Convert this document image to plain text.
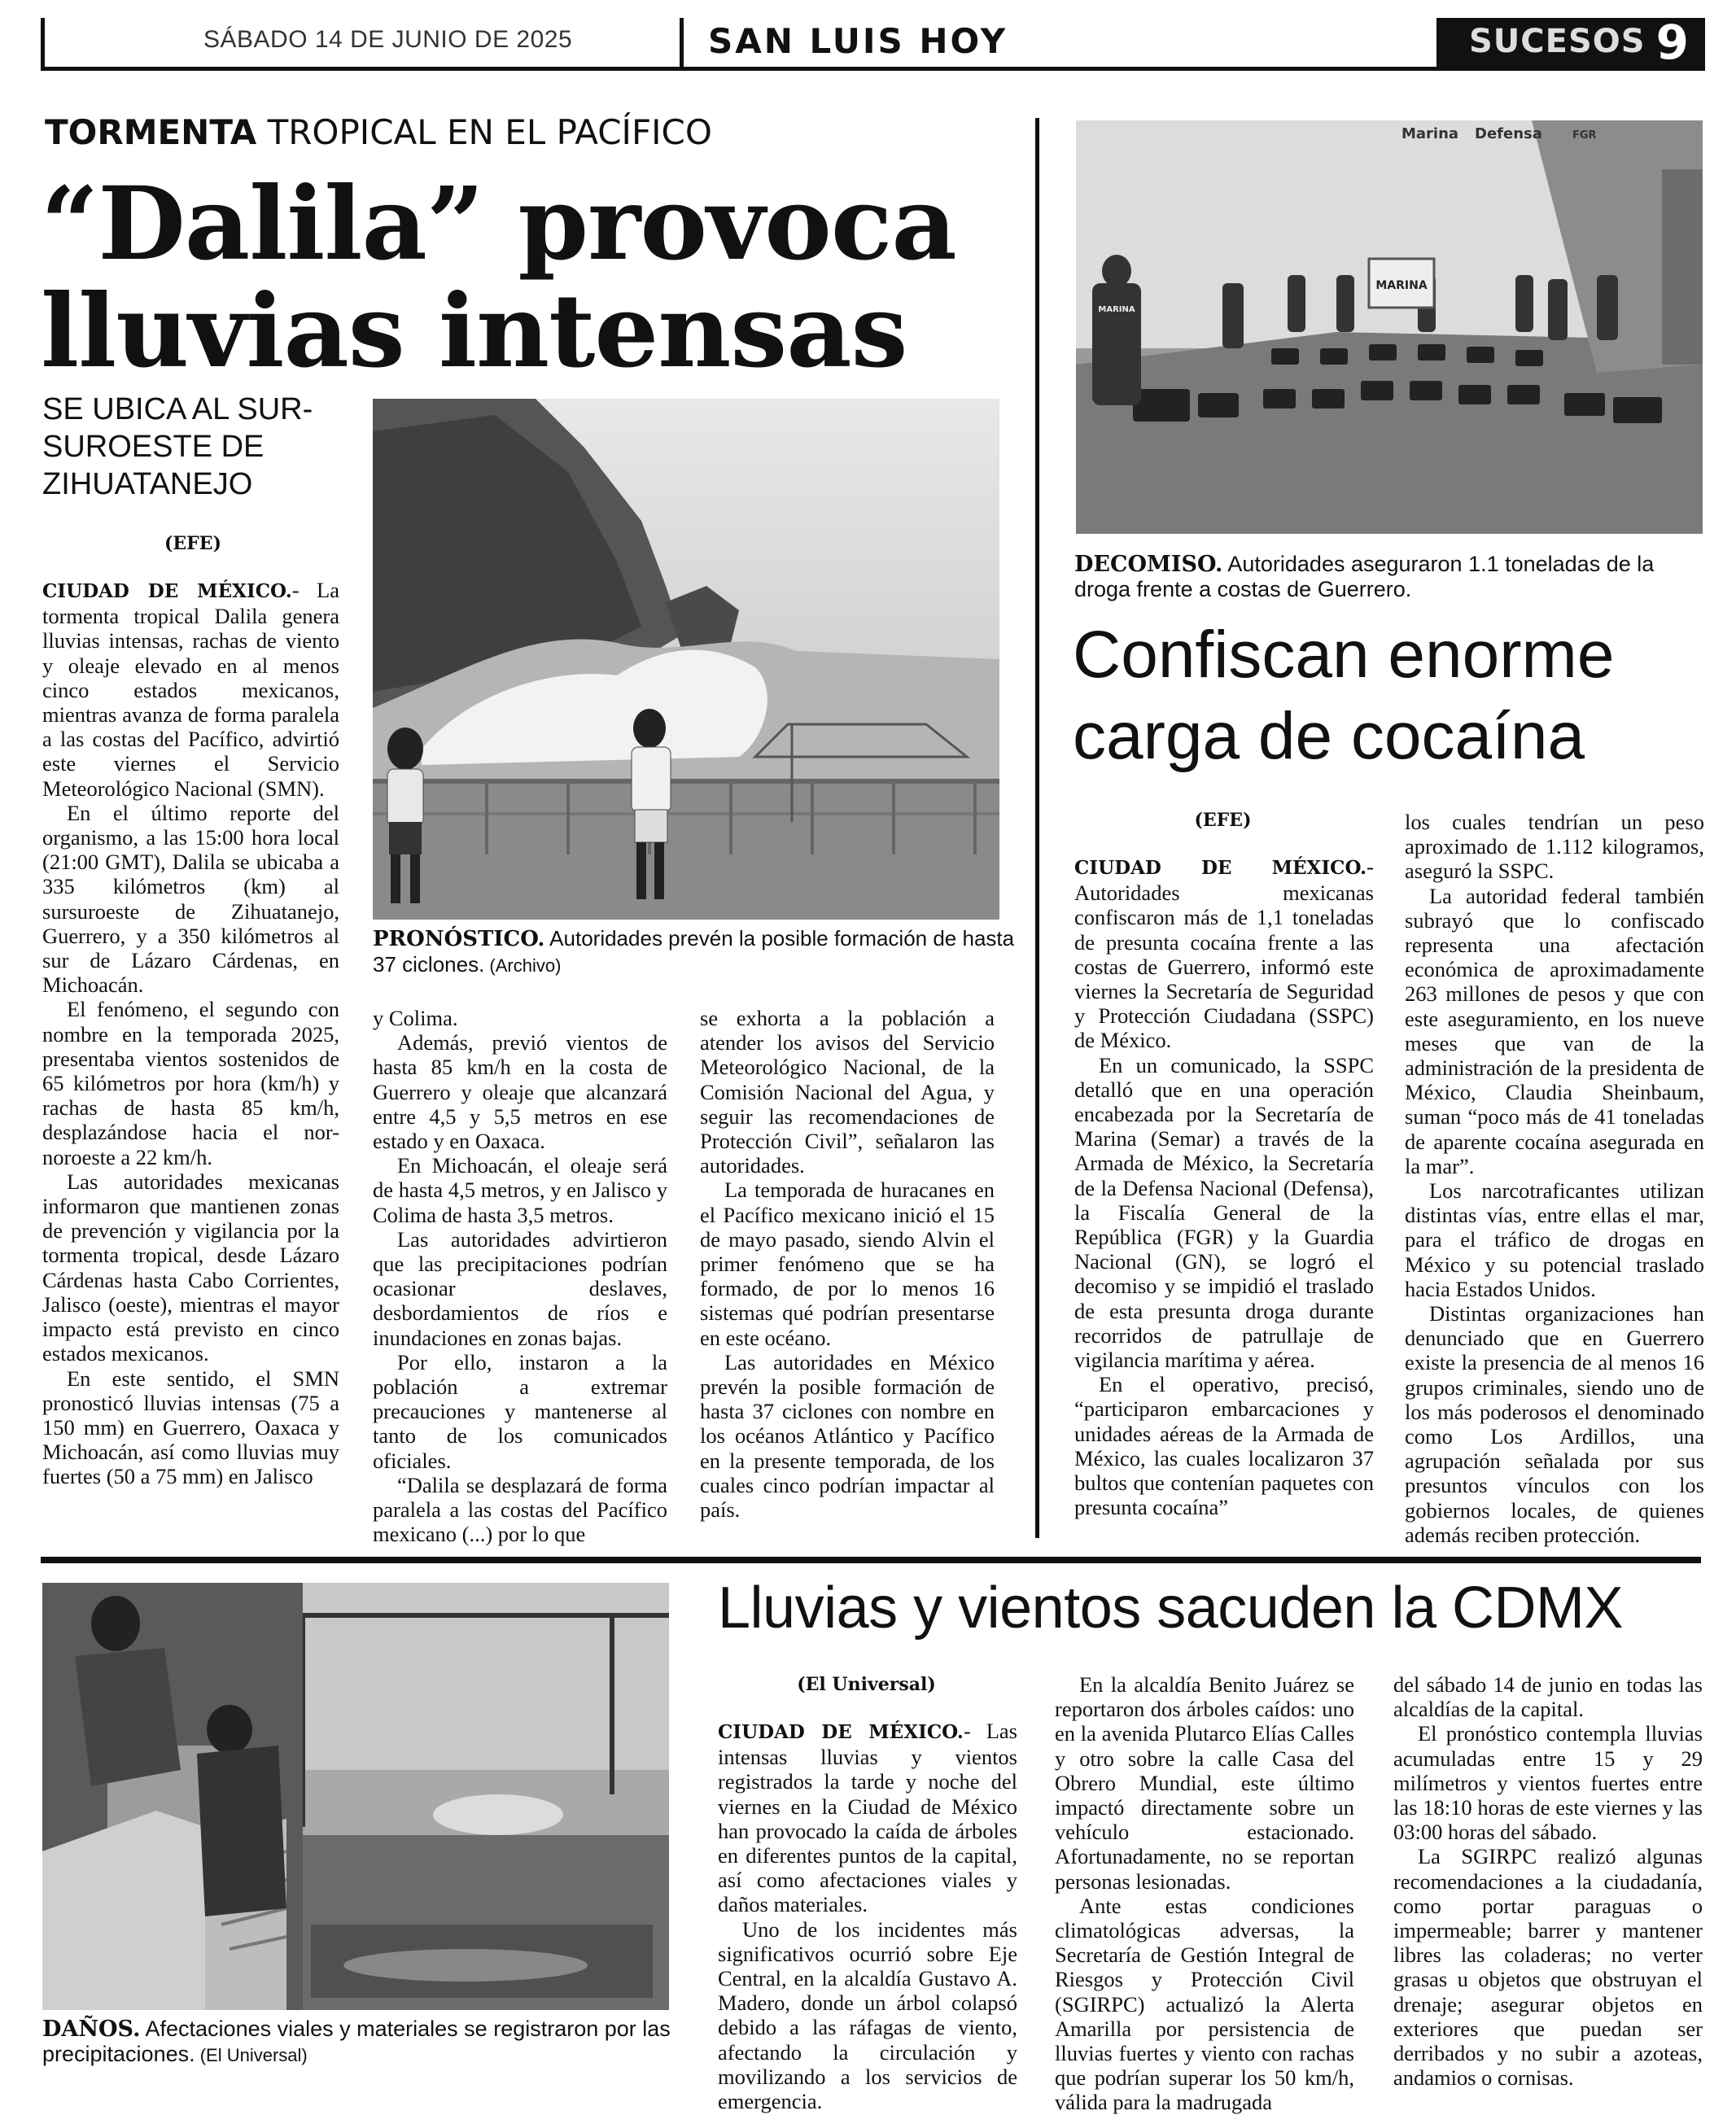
SÁBADO 14 DE JUNIO DE 2025	SAN LUIS HOY	SUCESOS 9
TORMENTA TROPICAL EN EL PACÍFICO
“Dalila” provoca
lluvias intensas
SE UBICA AL SUR-SUROESTE DE ZIHUATANEJO
(EFE)

CIUDAD DE MÉXICO.- La tormenta tropical Dalila genera lluvias intensas, rachas de viento y oleaje elevado en al menos cinco estados mexicanos, mientras avanza de forma paralela a las costas del Pacífico, advirtió este viernes el Servicio Meteorológico Nacional (SMN).

En el último reporte del organismo, a las 15:00 hora local (21:00 GMT), Dalila se ubicaba a 335 kilómetros (km) al sursuroeste de Zihuatanejo, Guerrero, y a 350 kilómetros al sur de Lázaro Cárdenas, en Michoacán.

El fenómeno, el segundo con nombre en la temporada 2025, presentaba vientos sostenidos de 65 kilómetros por hora (km/h) y rachas de hasta 85 km/h, desplazándose hacia el nor-noroeste a 22 km/h.

Las autoridades mexicanas informaron que mantienen zonas de prevención y vigilancia por la tormenta tropical, desde Lázaro Cárdenas hasta Cabo Corrientes, Jalisco (oeste), mientras el mayor impacto está previsto en cinco estados mexicanos.

En este sentido, el SMN pronosticó lluvias intensas (75 a 150 mm) en Guerrero, Oaxaca y Michoacán, así como lluvias muy fuertes (50 a 75 mm) en Jalisco

PRONÓSTICO. Autoridades prevén la posible formación de hasta 37 ciclones. (Archivo)

y Colima.

Además, previó vientos de hasta 85 km/h en la costa de Guerrero y oleaje que alcanzará entre 4,5 y 5,5 metros en ese estado y en Oaxaca.

En Michoacán, el oleaje será de hasta 4,5 metros, y en Jalisco y Colima de hasta 3,5 metros.

Las autoridades advirtieron que las precipitaciones podrían ocasionar deslaves, desbordamientos de ríos e inundaciones en zonas bajas.

Por ello, instaron a la población a extremar precauciones y mantenerse al tanto de los comunicados oficiales.

“Dalila se desplazará de forma paralela a las costas del Pacífico mexicano (...) por lo que

se exhorta a la población a atender los avisos del Servicio Meteorológico Nacional, de la Comisión Nacional del Agua, y seguir las recomendaciones de Protección Civil”, señalaron las autoridades.

La temporada de huracanes en el Pacífico mexicano inició el 15 de mayo pasado, siendo Alvin el primer fenómeno que se ha formado, de por lo menos 16 sistemas qué podrían presentarse en este océano.

Las autoridades en México prevén la posible formación de hasta 37 ciclones con nombre en los océanos Atlántico y Pacífico en la presente temporada, de los cuales cinco podrían impactar al país.

MARINA
MARINA
Marina Defensa	FGR
DECOMISO. Autoridades aseguraron 1.1 toneladas de la droga frente a costas de Guerrero.
Confiscan enorme
carga de cocaína
(EFE)

CIUDAD DE MÉXICO.- Autoridades mexicanas confiscaron más de 1,1 toneladas de presunta cocaína frente a las costas de Guerrero, informó este viernes la Secretaría de Seguridad y Protección Ciudadana (SSPC) de México.

En un comunicado, la SSPC detalló que en una operación encabezada por la Secretaría de Marina (Semar) a través de la Armada de México, la Secretaría de la Defensa Nacional (Defensa), la Fiscalía General de la República (FGR) y la Guardia Nacional (GN), se logró el decomiso y se impidió el traslado de esta presunta droga durante recorridos de patrullaje de vigilancia marítima y aérea.

En el operativo, precisó, “participaron embarcaciones y unidades aéreas de la Armada de México, las cuales localizaron 37 bultos que contenían paquetes con presunta cocaína”

los cuales tendrían un peso aproximado de 1.112 kilogramos, aseguró la SSPC.

La autoridad federal también subrayó que lo confiscado representa una afectación económica de aproximadamente 263 millones de pesos y que con este aseguramiento, en los nueve meses que van de la administración de la presidenta de México, Claudia Sheinbaum, suman “poco más de 41 toneladas de aparente cocaína asegurada en la mar”.

Los narcotraficantes utilizan distintas vías, entre ellas el mar, para el tráfico de drogas en México y su potencial traslado hacia Estados Unidos.

Distintas organizaciones han denunciado que en Guerrero existe la presencia de al menos 16 grupos criminales, siendo uno de los más poderosos el denominado como Los Ardillos, una agrupación señalada por sus presuntos vínculos con los gobiernos locales, de quienes además reciben protección.

DAÑOS. Afectaciones viales y materiales se registraron por las precipitaciones. (El Universal)
Lluvias y vientos sacuden la CDMX
(El Universal)

CIUDAD DE MÉXICO.- Las intensas lluvias y vientos registrados la tarde y noche del viernes en la Ciudad de México han provocado la caída de árboles en diferentes puntos de la capital, así como afectaciones viales y daños materiales.

Uno de los incidentes más significativos ocurrió sobre Eje Central, en la alcaldía Gustavo A. Madero, donde un árbol colapsó debido a las ráfagas de viento, afectando la circulación y movilizando a los servicios de emergencia.

En la alcaldía Benito Juárez se reportaron dos árboles caídos: uno en la avenida Plutarco Elías Calles y otro sobre la calle Casa del Obrero Mundial, este último impactó directamente sobre un vehículo estacionado. Afortunadamente, no se reportan personas lesionadas.

Ante estas condiciones climatológicas adversas, la Secretaría de Gestión Integral de Riesgos y Protección Civil (SGIRPC) actualizó la Alerta Amarilla por persistencia de lluvias fuertes y viento con rachas que podrían superar los 50 km/h, válida para la madrugada

del sábado 14 de junio en todas las alcaldías de la capital.

El pronóstico contempla lluvias acumuladas entre 15 y 29 milímetros y vientos fuertes entre las 18:10 horas de este viernes y las 03:00 horas del sábado.

La SGIRPC realizó algunas recomendaciones a la ciudadanía, como portar paraguas o impermeable; barrer y mantener libres las coladeras; no verter grasas u objetos que obstruyan el drenaje; asegurar objetos en exteriores que puedan ser derribados y no subir a azoteas, andamios o cornisas.
